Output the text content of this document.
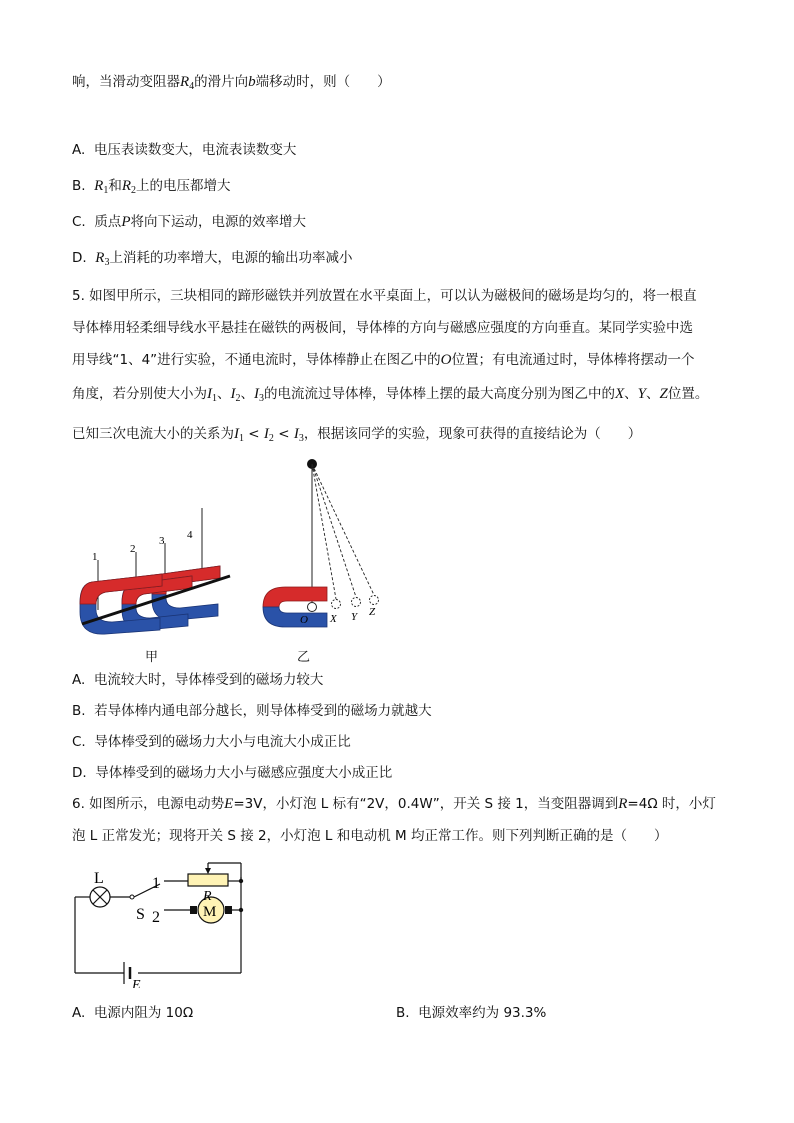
响，当滑动变阻器$R_4$的滑片向b端移动时，则（　　）
A. 电压表读数变大，电流表读数变大
B. $R_1$和$R_2$上的电压都增大
C. 质点P将向下运动，电源的效率增大
D. $R_3$上消耗的功率增大，电源的输出功率减小
5. 如图甲所示，三块相同的蹄形磁铁并列放置在水平桌面上，可以认为磁极间的磁场是均匀的，将一根直
导体棒用轻柔细导线水平悬挂在磁铁的两极间，导体棒的方向与磁感应强度的方向垂直。某同学实验中选
用导线“1、4”进行实验，不通电流时，导体棒静止在图乙中的O位置；有电流通过时，导体棒将摆动一个
角度，若分别使大小为$I_1$、$I_2$、$I_3$的电流流过导体棒，导体棒上摆的最大高度分别为图乙中的X、Y、Z位置。
已知三次电流大小的关系为$I_1 < I_2 < I_3$，根据该同学的实验，现象可获得的直接结论为（　　）
1
2
3 4
甲
O X Y Z
乙
A. 电流较大时，导体棒受到的磁场力较大
B. 若导体棒内通电部分越长，则导体棒受到的磁场力就越大
C. 导体棒受到的磁场力大小与电流大小成正比
D. 导体棒受到的磁场力大小与磁感应强度大小成正比
6. 如图所示，电源电动势E=3V，小灯泡 L 标有“2V，0.4W”，开关 S 接 1，当变阻器调到R=4Ω 时，小灯
泡 L 正常发光；现将开关 S 接 2，小灯泡 L 和电动机 M 均正常工作。则下列判断正确的是（　　）
L
S
1
2
R
M
E
A. 电源内阻为 10Ω	B. 电源效率约为 93.3%
